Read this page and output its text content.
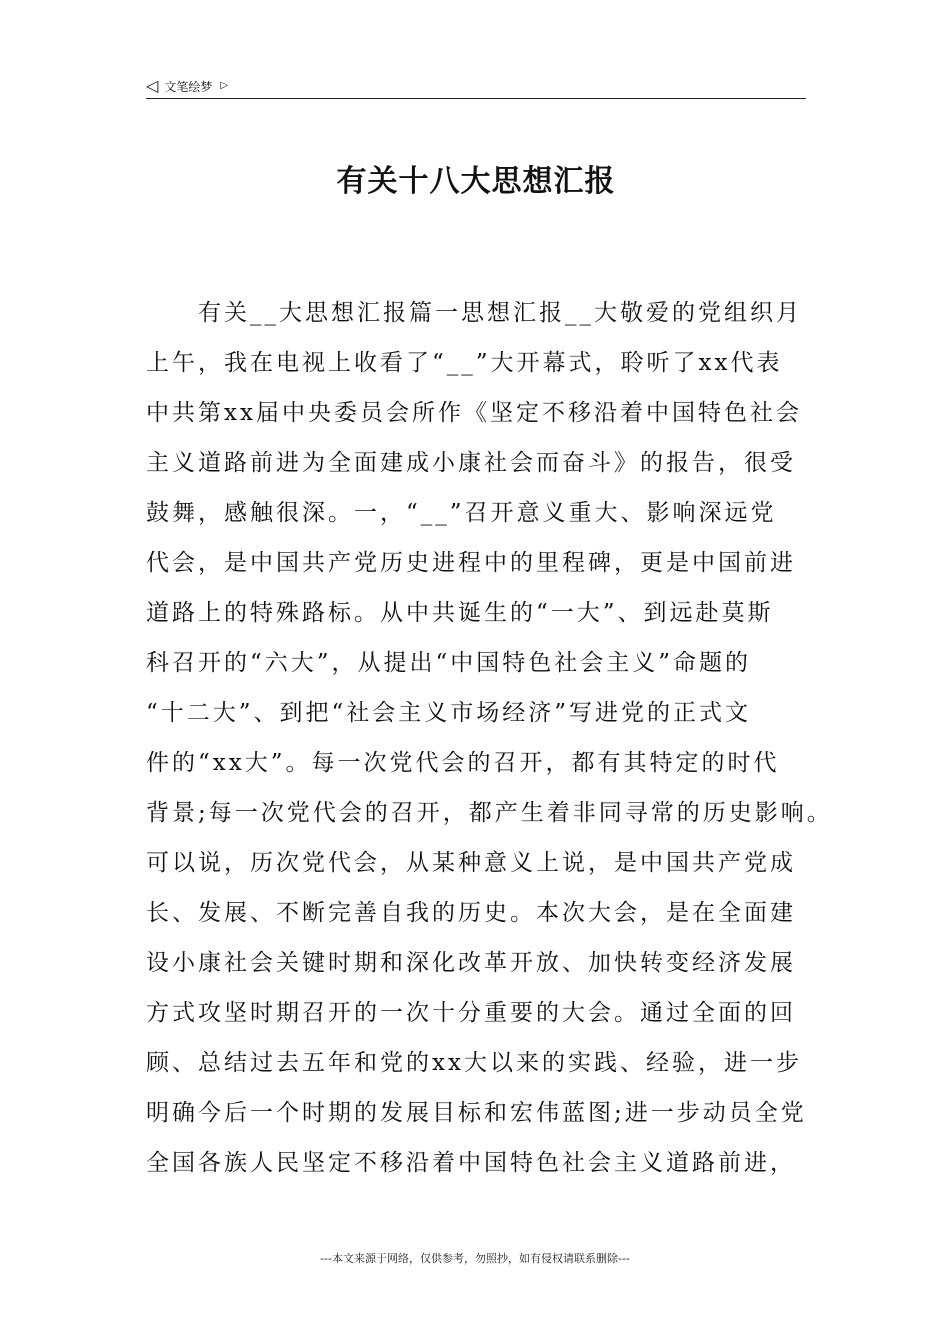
◁ 文笔绘梦 ▷
有关十八大思想汇报
　　有关__大思想汇报篇一思想汇报__大敬爱的党组织月
上午，我在电视上收看了“__”大开幕式，聆听了xx代表
中共第xx届中央委员会所作《坚定不移沿着中国特色社会
主义道路前进为全面建成小康社会而奋斗》的报告，很受
鼓舞，感触很深。一，“__”召开意义重大、影响深远党
代会，是中国共产党历史进程中的里程碑，更是中国前进
道路上的特殊路标。从中共诞生的“一大”、到远赴莫斯
科召开的“六大”，从提出“中国特色社会主义”命题的
“十二大”、到把“社会主义市场经济”写进党的正式文
件的“xx大”。每一次党代会的召开，都有其特定的时代
背景;每一次党代会的召开，都产生着非同寻常的历史影响。
可以说，历次党代会，从某种意义上说，是中国共产党成
长、发展、不断完善自我的历史。本次大会，是在全面建
设小康社会关键时期和深化改革开放、加快转变经济发展
方式攻坚时期召开的一次十分重要的大会。通过全面的回
顾、总结过去五年和党的xx大以来的实践、经验，进一步
明确今后一个时期的发展目标和宏伟蓝图;进一步动员全党
全国各族人民坚定不移沿着中国特色社会主义道路前进，
---本文来源于网络，仅供参考，勿照抄，如有侵权请联系删除---
